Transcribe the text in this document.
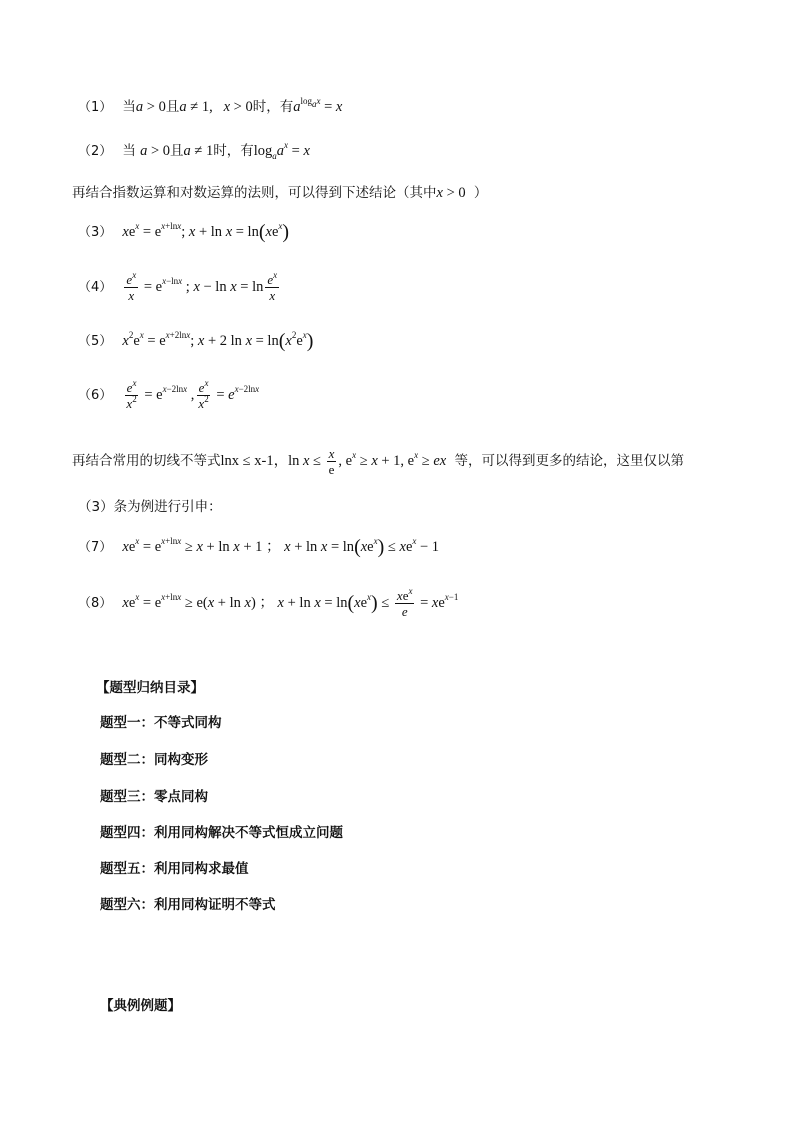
（1） 当a > 0且a ≠ 1,   x > 0时，有$a^{log_ax} = x$
（2） 当 a > 0且a ≠ 1时，有$\log_aa^x = x$
再结合指数运算和对数运算的法则，可以得到下述结论（其中x > 0 ）
（3） $xe^x = e^{x+lnx}$; $x + \ln x = \ln(xe^x)$
$(4) \frac{e^x}{x} = e^{x-lnx}$ ; $x - \ln x = \ln \frac{e^x}{x}$
（5） $x^2e^x = e^{x+2lnx}$; x + 2 $\ln x = \ln(x^2e^x)$
$(6) \frac{e^x}{x^2} = e^{x-2lnx}$ , $\frac{e^x}{x^2} = e^{x-2lnx}$
再结合常用的切线不等式lnx ≤ x-1，$\ln x \le \frac{x}{e}$ , $e^x \ge x + 1$, $e^x$ ≥ ex 等，可以得到更多的结论，这里仅以第
（3）条为例进行引申：
（7） $xe^x = e^{x+lnx} \ge x + \ln x + 1$ ； $x + \ln x = \ln(xe^x) \le xe^x - 1$
（8） $xe^x = e^{x+lnx} \ge e(x + \ln x)$ ； $x + \ln x = \ln(xe^x) \le \frac{xe^x}{e} = xe^{x-1}$
【题型归纳目录】
题型一：不等式同构
题型二：同构变形
题型三：零点同构
题型四：利用同构解决不等式恒成立问题
题型五：利用同构求最值
题型六：利用同构证明不等式
【典例例题】
